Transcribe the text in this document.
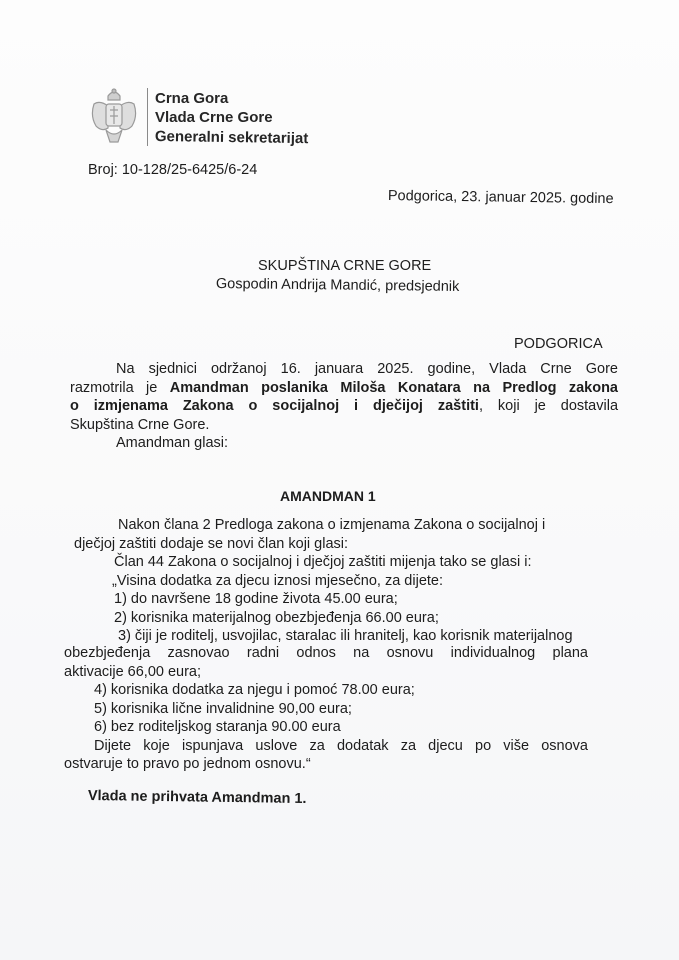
Crna Gora
Vlada Crne Gore
Generalni sekretarijat
Broj: 10-128/25-6425/6-24
Podgorica, 23. januar 2025. godine
SKUPŠTINA CRNE GORE
Gospodin Andrija Mandić, predsjednik
PODGORICA
Na sjednici održanoj 16. januara 2025. godine, Vlada Crne Gore
razmotrila je Amandman poslanika Miloša Konatara na Predlog zakona
o izmjenama Zakona o socijalnoj i dječijoj zaštiti, koji je dostavila
Skupština Crne Gore.
Amandman glasi:
AMANDMAN 1
Nakon člana 2 Predloga zakona o izmjenama Zakona o socijalnoj i
dječjoj zaštiti dodaje se novi član koji glasi:
Član 44 Zakona o socijalnoj i dječjoj zaštiti mijenja tako se glasi i:
„Visina dodatka za djecu iznosi mjesečno, za dijete:
1) do navršene 18 godine života 45.00 eura;
2) korisnika materijalnog obezbjeđenja 66.00 eura;
3) čiji je roditelj, usvojilac, staralac ili hranitelj, kao korisnik materijalnog
obezbjeđenja zasnovao radni odnos na osnovu individualnog plana
aktivacije 66,00 eura;
4) korisnika dodatka za njegu i pomoć 78.00 eura;
5) korisnika lične invalidnine 90,00 eura;
6) bez roditeljskog staranja 90.00 eura
Dijete koje ispunjava uslove za dodatak za djecu po više osnova
ostvaruje to pravo po jednom osnovu.“
Vlada ne prihvata Amandman 1.
